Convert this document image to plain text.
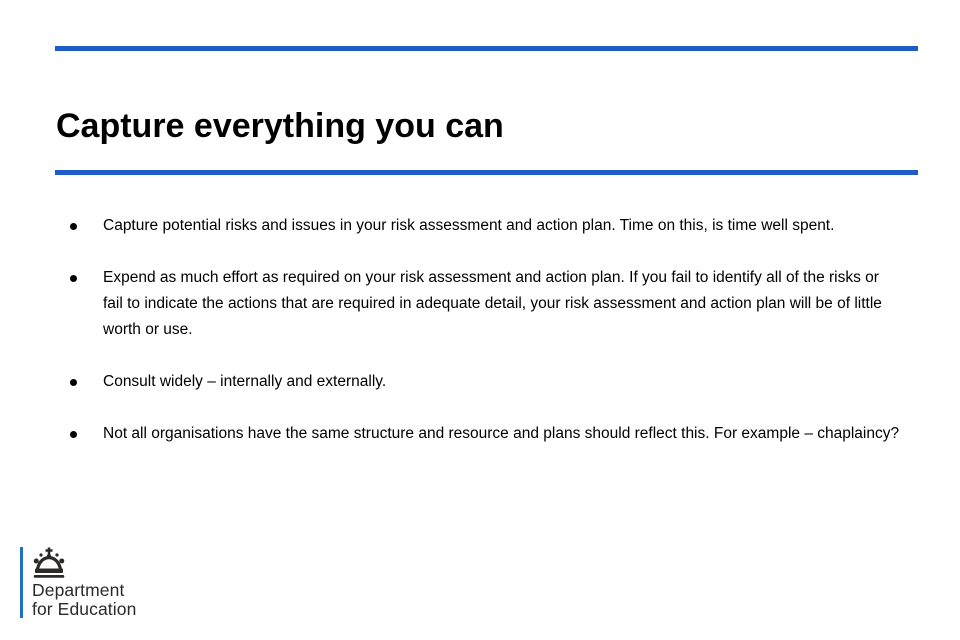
Capture everything you can
Capture potential risks and issues in your risk assessment and action plan. Time on this, is time well spent.
Expend as much effort as required on your risk assessment and action plan. If you fail to identify all of the risks or fail to indicate the actions that are required in adequate detail, your risk assessment and action plan will be of little worth or use.
Consult widely – internally and externally.
Not all organisations have the same structure and resource and plans should reflect this. For example – chaplaincy?
Department
for Education
